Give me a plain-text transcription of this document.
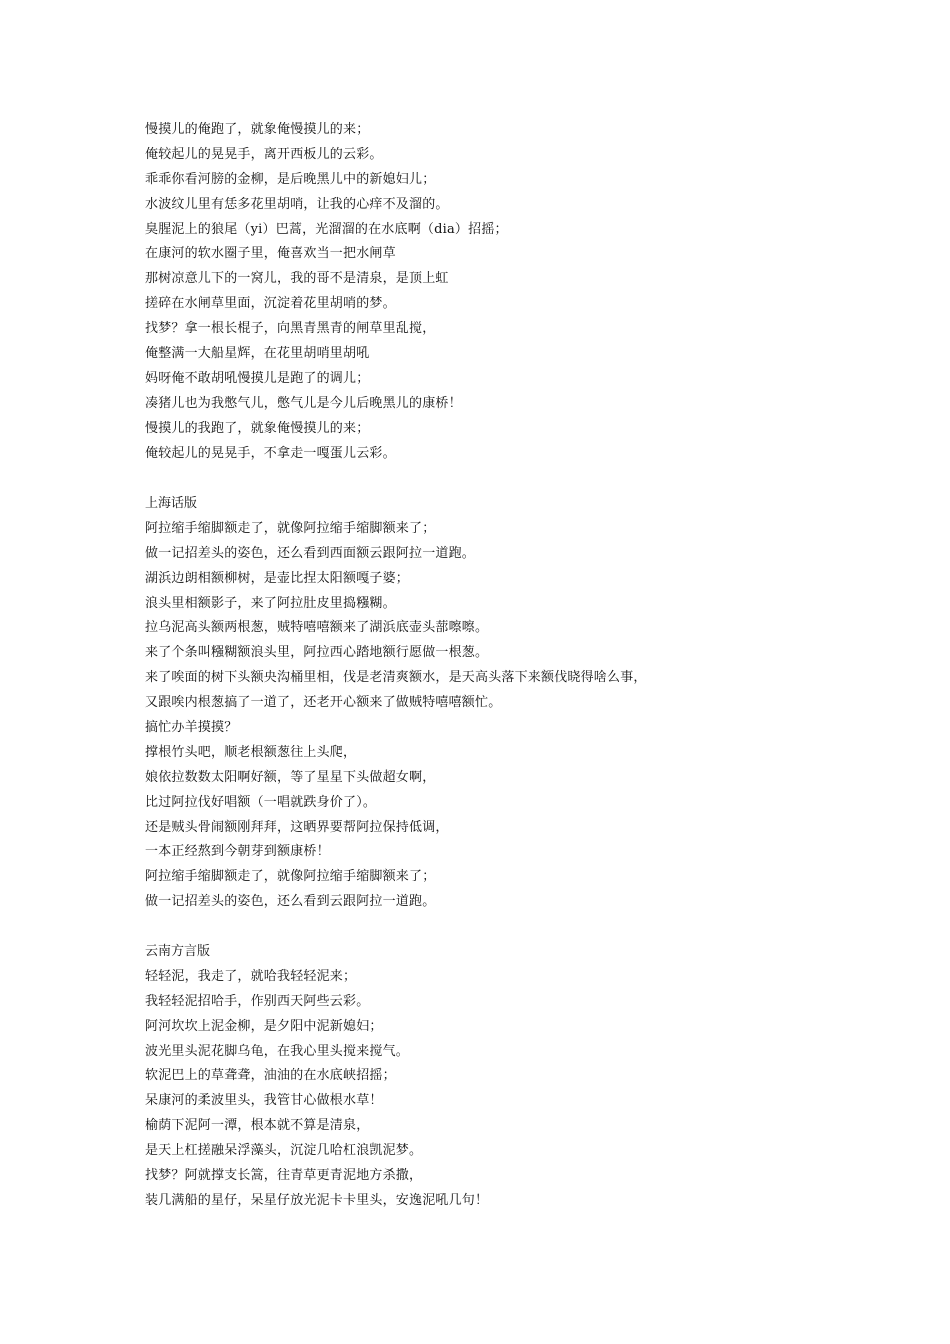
慢摸儿的俺跑了，就象俺慢摸儿的来；
俺较起儿的晃晃手，离开西板儿的云彩。
乖乖你看河膀的金柳，是后晚黑儿中的新媳妇儿；
水波纹儿里有恁多花里胡哨，让我的心痒不及溜的。
臭腥泥上的狼尾（yi）巴蒿，光溜溜的在水底啊（dia）招摇；
在康河的软水圈子里，俺喜欢当一把水闸草
那树凉意儿下的一窝儿，我的哥不是清泉，是顶上虹
搓碎在水闸草里面，沉淀着花里胡哨的梦。
找梦？拿一根长棍子，向黑青黑青的闸草里乱搅，
俺整满一大船星辉，在花里胡哨里胡吼
妈呀俺不敢胡吼慢摸儿是跑了的调儿；
凑猪儿也为我憋气儿，憋气儿是今儿后晚黑儿的康桥！
慢摸儿的我跑了，就象俺慢摸儿的来；
俺较起儿的晃晃手，不拿走一嘎蛋儿云彩。
上海话版
阿拉缩手缩脚额走了，就像阿拉缩手缩脚额来了；
做一记招差头的姿色，还么看到西面额云跟阿拉一道跑。
湖浜边朗相额柳树，是壶比捏太阳额嘎子婆；
浪头里相额影子，来了阿拉肚皮里捣糨糊。
拉乌泥高头额两根葱，贼特嘻嘻额来了湖浜底壶头蔀嚓嚓。
来了个条叫糨糊额浪头里，阿拉西心踏地额行愿做一根葱。
来了唉面的树下头额央沟桶里相，伐是老清爽额水，是天高头落下来额伐晓得啥么事，
又跟唉内根葱搞了一道了，还老开心额来了做贼特嘻嘻额忙。
搞忙办羊摸摸？
撑根竹头吧，顺老根额葱往上头爬，
娘依拉数数太阳啊好额，等了星星下头做超女啊，
比过阿拉伐好唱额（一唱就跌身价了）。
还是贼头骨闹额刚拜拜，这晒界要帮阿拉保持低调，
一本正经熬到今朝芽到额康桥！
阿拉缩手缩脚额走了，就像阿拉缩手缩脚额来了；
做一记招差头的姿色，还么看到云跟阿拉一道跑。
云南方言版
轻轻泥，我走了，就哈我轻轻泥来；
我轻轻泥招哈手，作别西天阿些云彩。
阿河坎坎上泥金柳，是夕阳中泥新媳妇；
波光里头泥花脚乌龟，在我心里头搅来搅气。
软泥巴上的草聋聋，油油的在水底峡招摇；
呆康河的柔波里头，我管甘心做根水草！
榆荫下泥阿一潭，根本就不算是清泉，
是天上杠搓融呆浮藻头，沉淀几哈杠浪凯泥梦。
找梦？阿就撑支长篙，往青草更青泥地方杀撒，
装几满船的星仔，呆星仔放光泥卡卡里头，安逸泥吼几句！
